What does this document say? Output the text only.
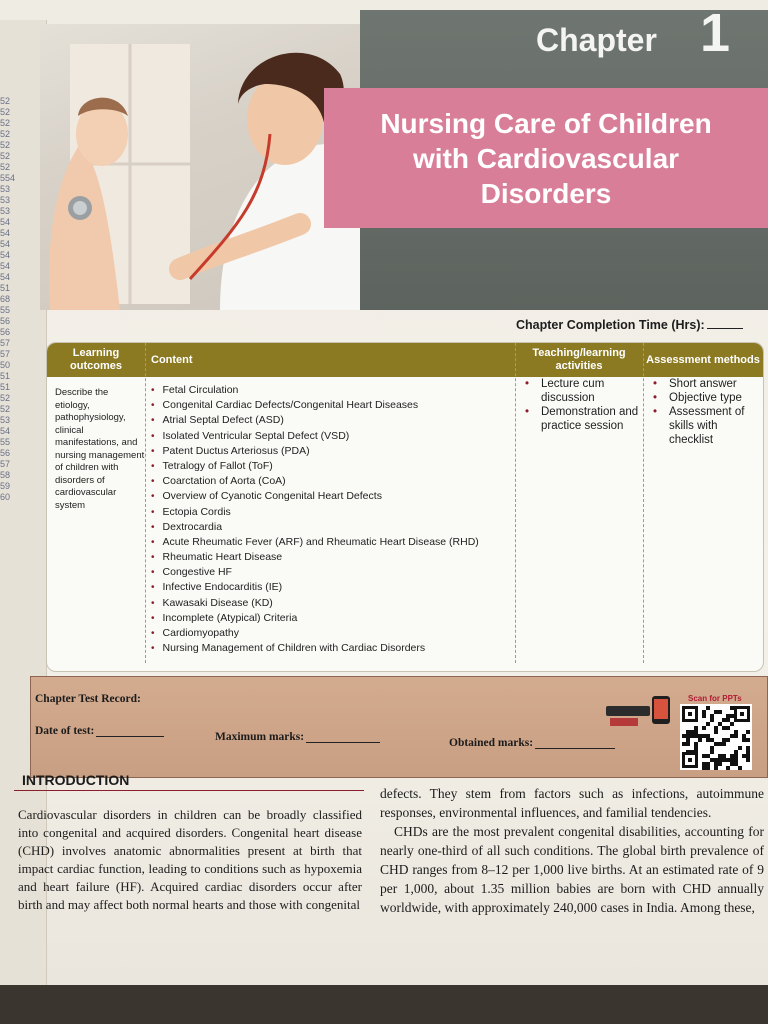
52
52
52
52
52
52
52
554
53
53
53
54
54
54
54
54
54
51
68
55
56
56
57
57
50
51
51
52
52
53
54
55
56
57
58
59
60
Chapter 1
Nursing Care of Children
with Cardiovascular
Disorders
Chapter Completion Time (Hrs):
Learning outcomes
Content
Teaching/learning activities
Assessment methods
Describe the etiology, pathophysiology, clinical manifestations, and nursing management of children with disorders of cardiovascular system
• Fetal Circulation
• Congenital Cardiac Defects/Congenital Heart Diseases
• Atrial Septal Defect (ASD)
• Isolated Ventricular Septal Defect (VSD)
• Patent Ductus Arteriosus (PDA)
• Tetralogy of Fallot (ToF)
• Coarctation of Aorta (CoA)
• Overview of Cyanotic Congenital Heart Defects
• Ectopia Cordis
• Dextrocardia
• Acute Rheumatic Fever (ARF) and Rheumatic Heart Disease (RHD)
• Rheumatic Heart Disease
• Congestive HF
• Infective Endocarditis (IE)
• Kawasaki Disease (KD)
• Incomplete (Atypical) Criteria
• Cardiomyopathy
• Nursing Management of Children with Cardiac Disorders
• Lecture cum discussion
• Demonstration and practice session
• Short answer
• Objective type
• Assessment of skills with checklist
Chapter Test Record:
Date of test:	Maximum marks:	Obtained marks:
Scan for PPTs
INTRODUCTION

Cardiovascular disorders in children can be broadly classified into congenital and acquired disorders. Congenital heart disease (CHD) involves anatomic abnormalities present at birth that impact cardiac function, leading to conditions such as hypoxemia and heart failure (HF). Acquired cardiac disorders occur after birth and may affect both normal hearts and those with congenital

defects. They stem from factors such as infections, autoimmune responses, environmental influences, and familial tendencies.

CHDs are the most prevalent congenital disabilities, accounting for nearly one-third of all such conditions. The global birth prevalence of CHD ranges from 8–12 per 1,000 live births. At an estimated rate of 9 per 1,000, about 1.35 million babies are born with CHD annually worldwide, with approximately 240,000 cases in India. Among these,
